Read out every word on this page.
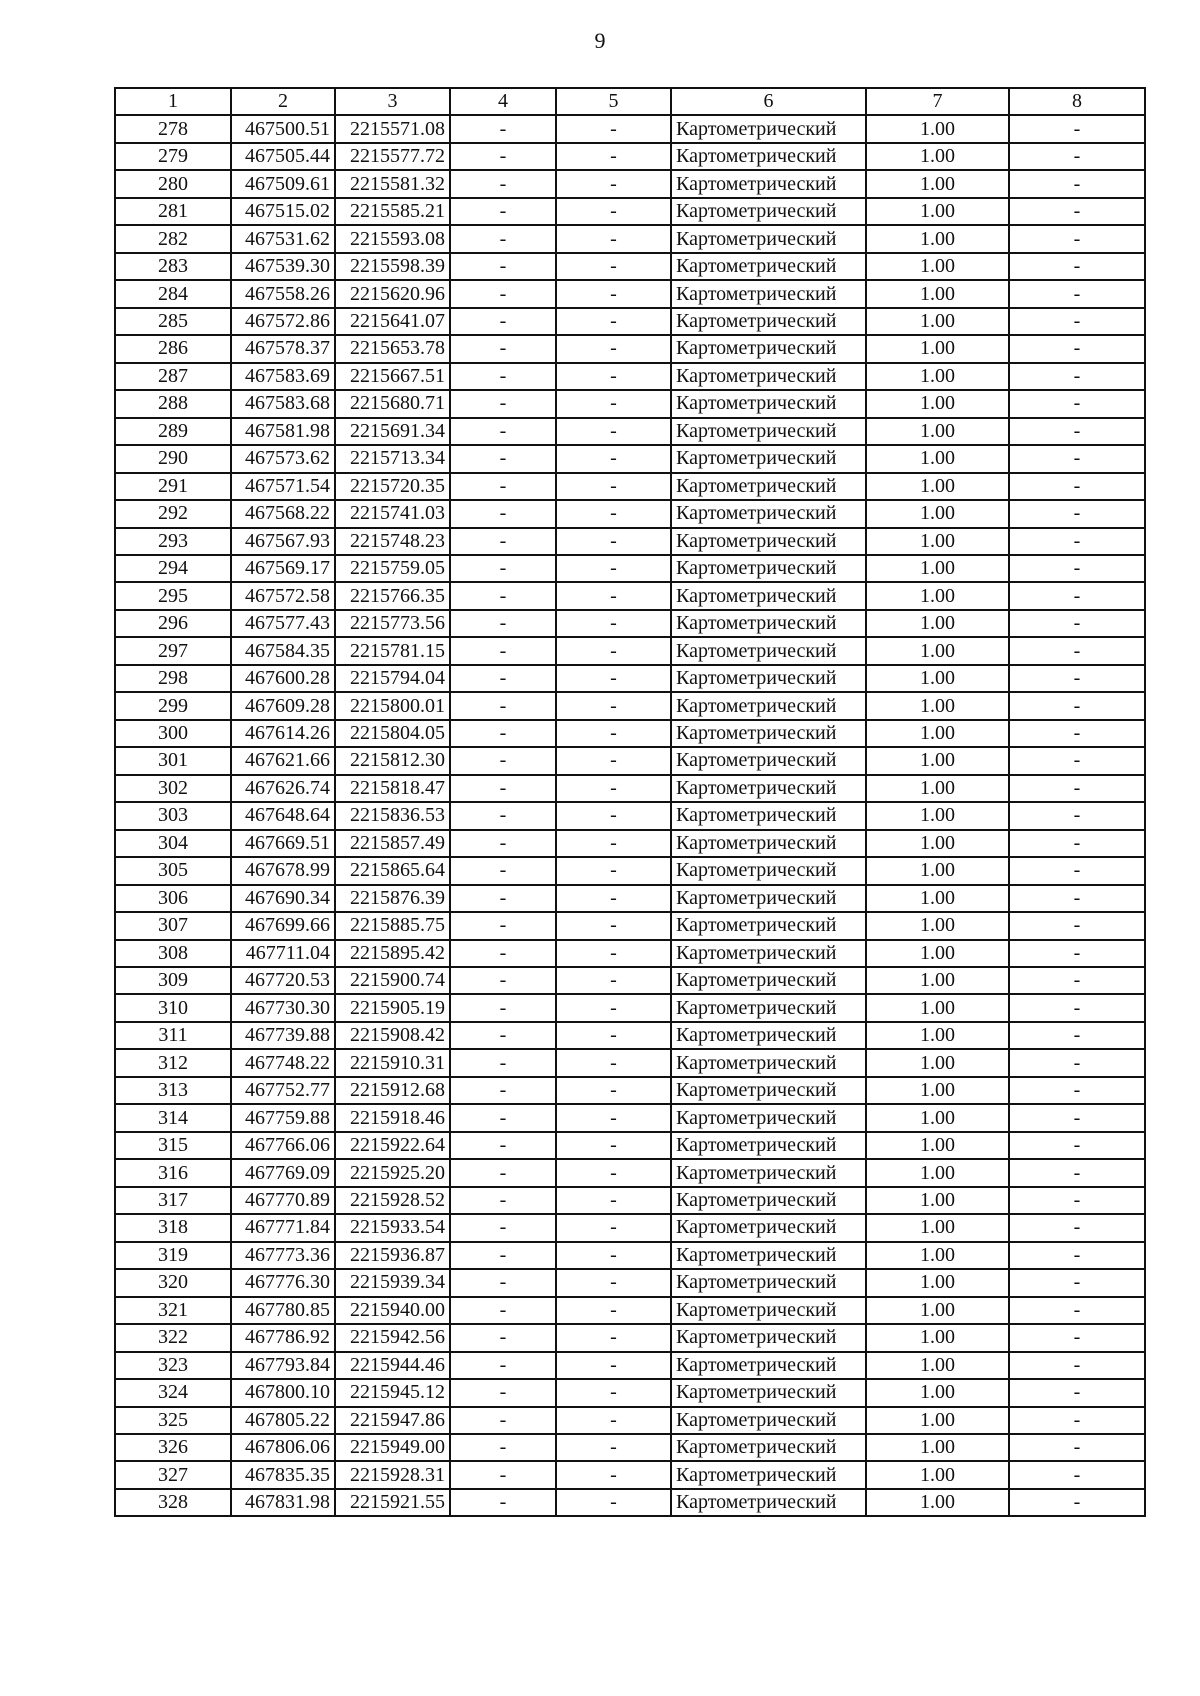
9
1	2	3	4	5	6	7	8
278	467500.51	2215571.08	-	-	Картометрический	1.00	-
279	467505.44	2215577.72	-	-	Картометрический	1.00	-
280	467509.61	2215581.32	-	-	Картометрический	1.00	-
281	467515.02	2215585.21	-	-	Картометрический	1.00	-
282	467531.62	2215593.08	-	-	Картометрический	1.00	-
283	467539.30	2215598.39	-	-	Картометрический	1.00	-
284	467558.26	2215620.96	-	-	Картометрический	1.00	-
285	467572.86	2215641.07	-	-	Картометрический	1.00	-
286	467578.37	2215653.78	-	-	Картометрический	1.00	-
287	467583.69	2215667.51	-	-	Картометрический	1.00	-
288	467583.68	2215680.71	-	-	Картометрический	1.00	-
289	467581.98	2215691.34	-	-	Картометрический	1.00	-
290	467573.62	2215713.34	-	-	Картометрический	1.00	-
291	467571.54	2215720.35	-	-	Картометрический	1.00	-
292	467568.22	2215741.03	-	-	Картометрический	1.00	-
293	467567.93	2215748.23	-	-	Картометрический	1.00	-
294	467569.17	2215759.05	-	-	Картометрический	1.00	-
295	467572.58	2215766.35	-	-	Картометрический	1.00	-
296	467577.43	2215773.56	-	-	Картометрический	1.00	-
297	467584.35	2215781.15	-	-	Картометрический	1.00	-
298	467600.28	2215794.04	-	-	Картометрический	1.00	-
299	467609.28	2215800.01	-	-	Картометрический	1.00	-
300	467614.26	2215804.05	-	-	Картометрический	1.00	-
301	467621.66	2215812.30	-	-	Картометрический	1.00	-
302	467626.74	2215818.47	-	-	Картометрический	1.00	-
303	467648.64	2215836.53	-	-	Картометрический	1.00	-
304	467669.51	2215857.49	-	-	Картометрический	1.00	-
305	467678.99	2215865.64	-	-	Картометрический	1.00	-
306	467690.34	2215876.39	-	-	Картометрический	1.00	-
307	467699.66	2215885.75	-	-	Картометрический	1.00	-
308	467711.04	2215895.42	-	-	Картометрический	1.00	-
309	467720.53	2215900.74	-	-	Картометрический	1.00	-
310	467730.30	2215905.19	-	-	Картометрический	1.00	-
311	467739.88	2215908.42	-	-	Картометрический	1.00	-
312	467748.22	2215910.31	-	-	Картометрический	1.00	-
313	467752.77	2215912.68	-	-	Картометрический	1.00	-
314	467759.88	2215918.46	-	-	Картометрический	1.00	-
315	467766.06	2215922.64	-	-	Картометрический	1.00	-
316	467769.09	2215925.20	-	-	Картометрический	1.00	-
317	467770.89	2215928.52	-	-	Картометрический	1.00	-
318	467771.84	2215933.54	-	-	Картометрический	1.00	-
319	467773.36	2215936.87	-	-	Картометрический	1.00	-
320	467776.30	2215939.34	-	-	Картометрический	1.00	-
321	467780.85	2215940.00	-	-	Картометрический	1.00	-
322	467786.92	2215942.56	-	-	Картометрический	1.00	-
323	467793.84	2215944.46	-	-	Картометрический	1.00	-
324	467800.10	2215945.12	-	-	Картометрический	1.00	-
325	467805.22	2215947.86	-	-	Картометрический	1.00	-
326	467806.06	2215949.00	-	-	Картометрический	1.00	-
327	467835.35	2215928.31	-	-	Картометрический	1.00	-
328	467831.98	2215921.55	-	-	Картометрический	1.00	-
